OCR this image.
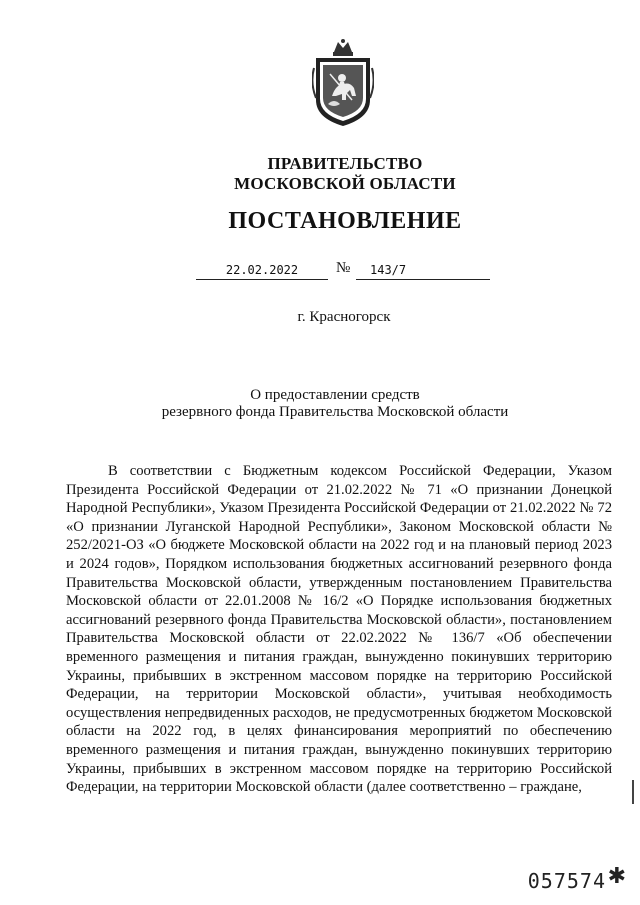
ПРАВИТЕЛЬСТВО
МОСКОВСКОЙ ОБЛАСТИ
ПОСТАНОВЛЕНИЕ
22.02.2022	№	143/7
г. Красногорск
О предоставлении средств
резервного фонда Правительства Московской области

В соответствии с Бюджетным кодексом Российской Федерации, Указом Президента Российской Федерации от 21.02.2022 № 71 «О признании Донецкой Народной Республики», Указом Президента Российской Федерации от 21.02.2022 № 72 «О признании Луганской Народной Республики», Законом Московской области № 252/2021-ОЗ «О бюджете Московской области на 2022 год и на плановый период 2023 и 2024 годов», Порядком использования бюджетных ассигнований резервного фонда Правительства Московской области, утвержденным постановлением Правительства Московской области от 22.01.2008 № 16/2 «О Порядке использования бюджетных ассигнований резервного фонда Правительства Московской области», постановлением Правительства Московской области от 22.02.2022 № 136/7 «Об обеспечении временного размещения и питания граждан, вынужденно покинувших территорию Украины, прибывших в экстренном массовом порядке на территорию Российской Федерации, на территории Московской области», учитывая необходимость осуществления непредвиденных расходов, не предусмотренных бюджетом Московской области на 2022 год, в целях финансирования мероприятий по обеспечению временного размещения и питания граждан, вынужденно покинувших территорию Украины, прибывших в экстренном массовом порядке на территорию Российской Федерации, на территории Московской области (далее соответственно – граждане,

057574 ✱
